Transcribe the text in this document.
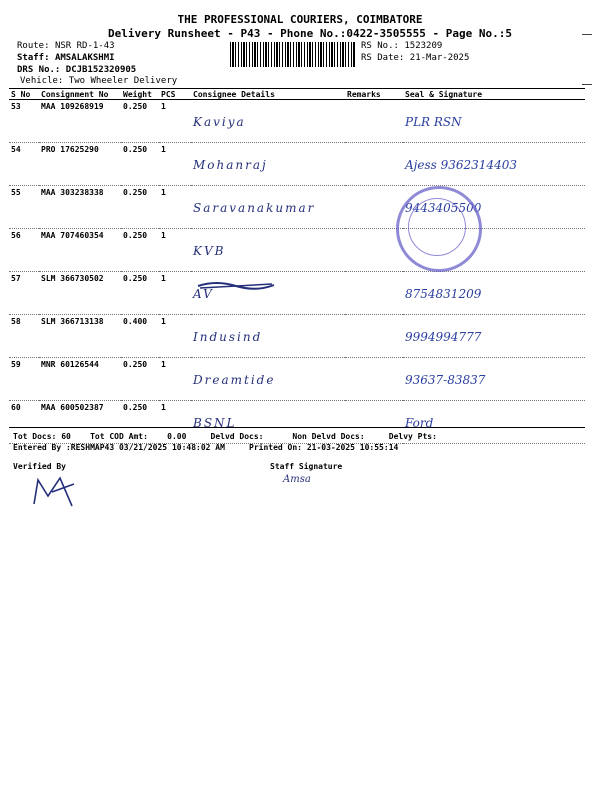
THE PROFESSIONAL COURIERS, COIMBATORE
Delivery Runsheet - P43 - Phone No.:0422-3505555 - Page No.:5
Route: NSR RD-1-43
Staff: AMSALAKSHMI
DRS No.: DCJB152320905
Vehicle: Two Wheeler Delivery
RS No.: 1523209
RS Date: 21-Mar-2025
S No	Consignment No	Weight	PCS	Consignee Details	Remarks	Seal & Signature
53	MAA 109268919	0.250	1	Kaviya		PLR RSN
54	PRO 17625290	0.250	1	Mohanraj		Ajess 9362314403
55	MAA 303238338	0.250	1	Saravanakumar		9443405500
56	MAA 707460354	0.250	1	KVB		
57	SLM 366730502	0.250	1	AV		8754831209
58	SLM 366713138	0.400	1	Indusind		9994994777
59	MNR 60126544	0.250	1	Dreamtide		93637-83837
60	MAA 600502387	0.250	1	BSNL		Ford
Tot Docs: 60 Tot COD Amt: 0.00	Delvd Docs:	Non Delvd Docs:	Delvy Pts:
Entered By :RESHMAP43 03/21/2025 10:48:02 AM	Printed On: 21-03-2025 10:55:14
Verified By	Staff Signature
Amsa
